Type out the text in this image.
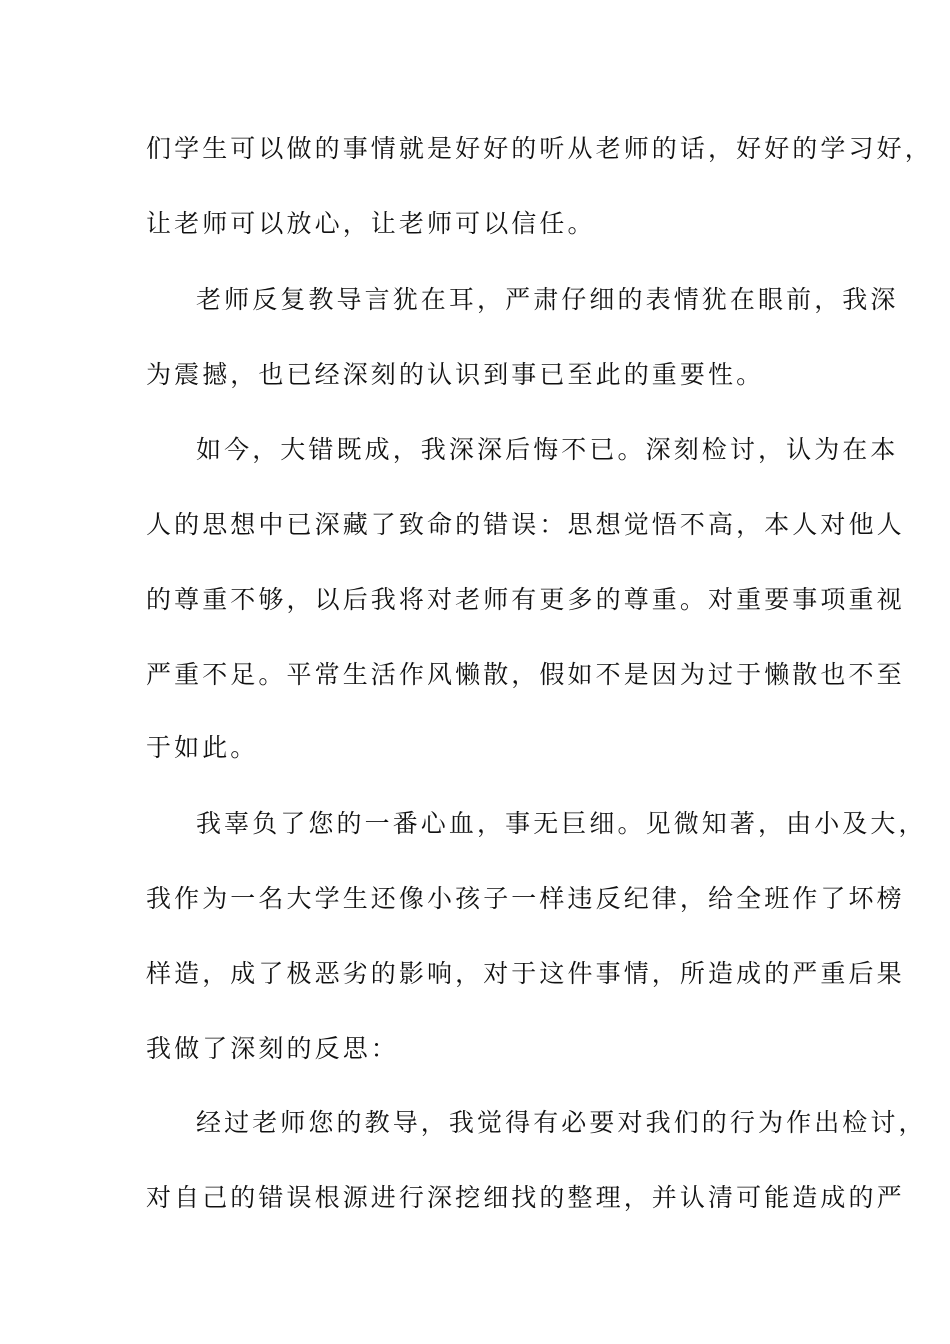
们学生可以做的事情就是好好的听从老师的话，好好的学习好，
让老师可以放心，让老师可以信任。
老师反复教导言犹在耳，严肃仔细的表情犹在眼前，我深
为震撼，也已经深刻的认识到事已至此的重要性。
如今，大错既成，我深深后悔不已。深刻检讨，认为在本
人的思想中已深藏了致命的错误：思想觉悟不高，本人对他人
的尊重不够，以后我将对老师有更多的尊重。对重要事项重视
严重不足。平常生活作风懒散，假如不是因为过于懒散也不至
于如此。
我辜负了您的一番心血，事无巨细。见微知著，由小及大，
我作为一名大学生还像小孩子一样违反纪律，给全班作了坏榜
样造，成了极恶劣的影响，对于这件事情，所造成的严重后果
我做了深刻的反思：
经过老师您的教导，我觉得有必要对我们的行为作出检讨，
对自己的错误根源进行深挖细找的整理，并认清可能造成的严
